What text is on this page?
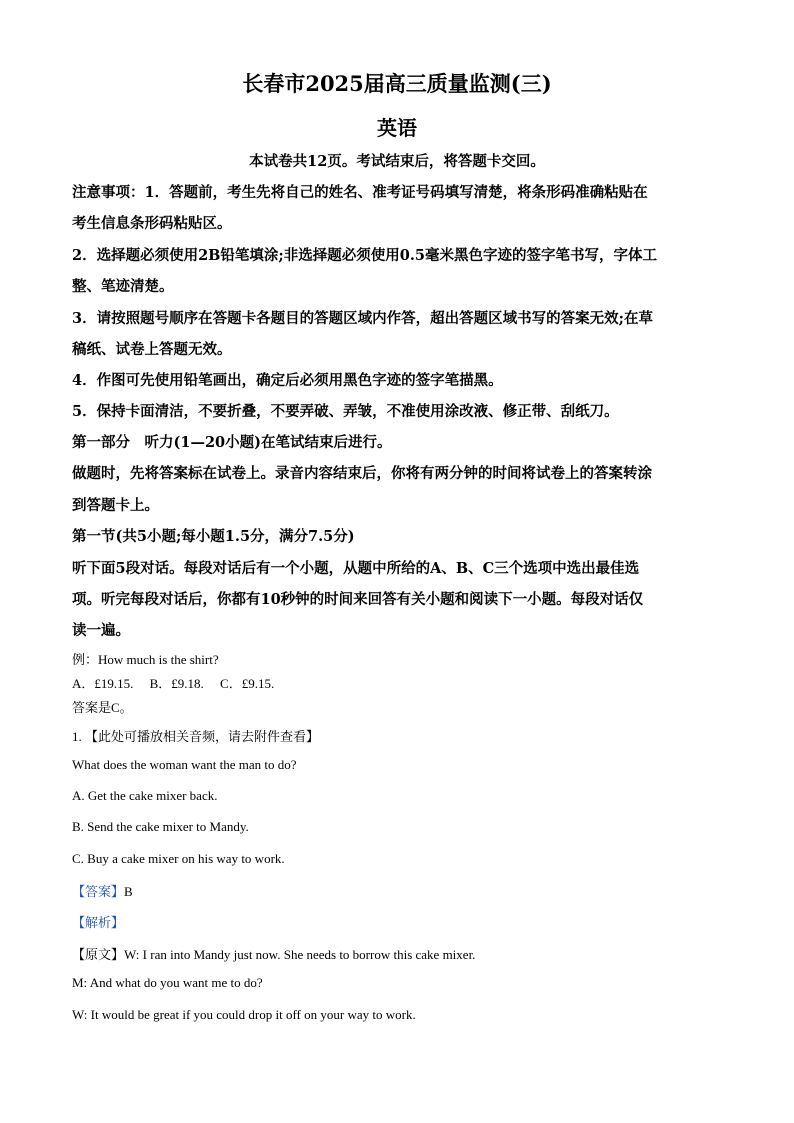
长春市2025届高三质量监测(三)
英语
本试卷共12页。考试结束后，将答题卡交回。
注意事项：1．答题前，考生先将自己的姓名、准考证号码填写清楚，将条形码准确粘贴在
考生信息条形码粘贴区。
2．选择题必须使用2B铅笔填涂;非选择题必须使用0.5毫米黑色字迹的签字笔书写，字体工
整、笔迹清楚。
3．请按照题号顺序在答题卡各题目的答题区域内作答，超出答题区域书写的答案无效;在草
稿纸、试卷上答题无效。
4．作图可先使用铅笔画出，确定后必须用黑色字迹的签字笔描黑。
5．保持卡面清洁，不要折叠，不要弄破、弄皱，不准使用涂改液、修正带、刮纸刀。
第一部分　听力(1—20小题)在笔试结束后进行。
做题时，先将答案标在试卷上。录音内容结束后，你将有两分钟的时间将试卷上的答案转涂
到答题卡上。
第一节(共5小题;每小题1.5分，满分7.5分)
听下面5段对话。每段对话后有一个小题，从题中所给的A、B、C三个选项中选出最佳选
项。听完每段对话后，你都有10秒钟的时间来回答有关小题和阅读下一小题。每段对话仅
读一遍。
例：How much is the shirt?
A．£19.15.　 B．£9.18.　 C．£9.15.
答案是C。
1. 【此处可播放相关音频，请去附件查看】
What does the woman want the man to do?
A. Get the cake mixer back.
B. Send the cake mixer to Mandy.
C. Buy a cake mixer on his way to work.
【答案】B
【解析】
【原文】W: I ran into Mandy just now. She needs to borrow this cake mixer.
M: And what do you want me to do?
W: It would be great if you could drop it off on your way to work.
